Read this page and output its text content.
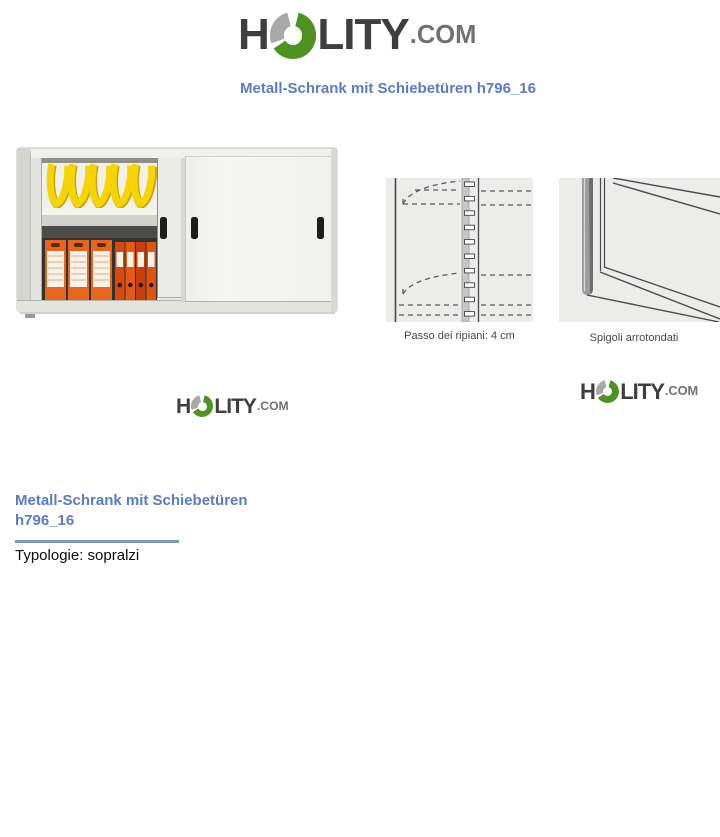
H LITY .COM
Metall-Schrank mit Schiebetüren h796_16
Passo dei ripiani: 4 cm	Spigoli arrotondati
H LITY .COM
H LITY .COM
Metall-Schrank mit Schiebetüren h796_16
Typologie: sopralzi
